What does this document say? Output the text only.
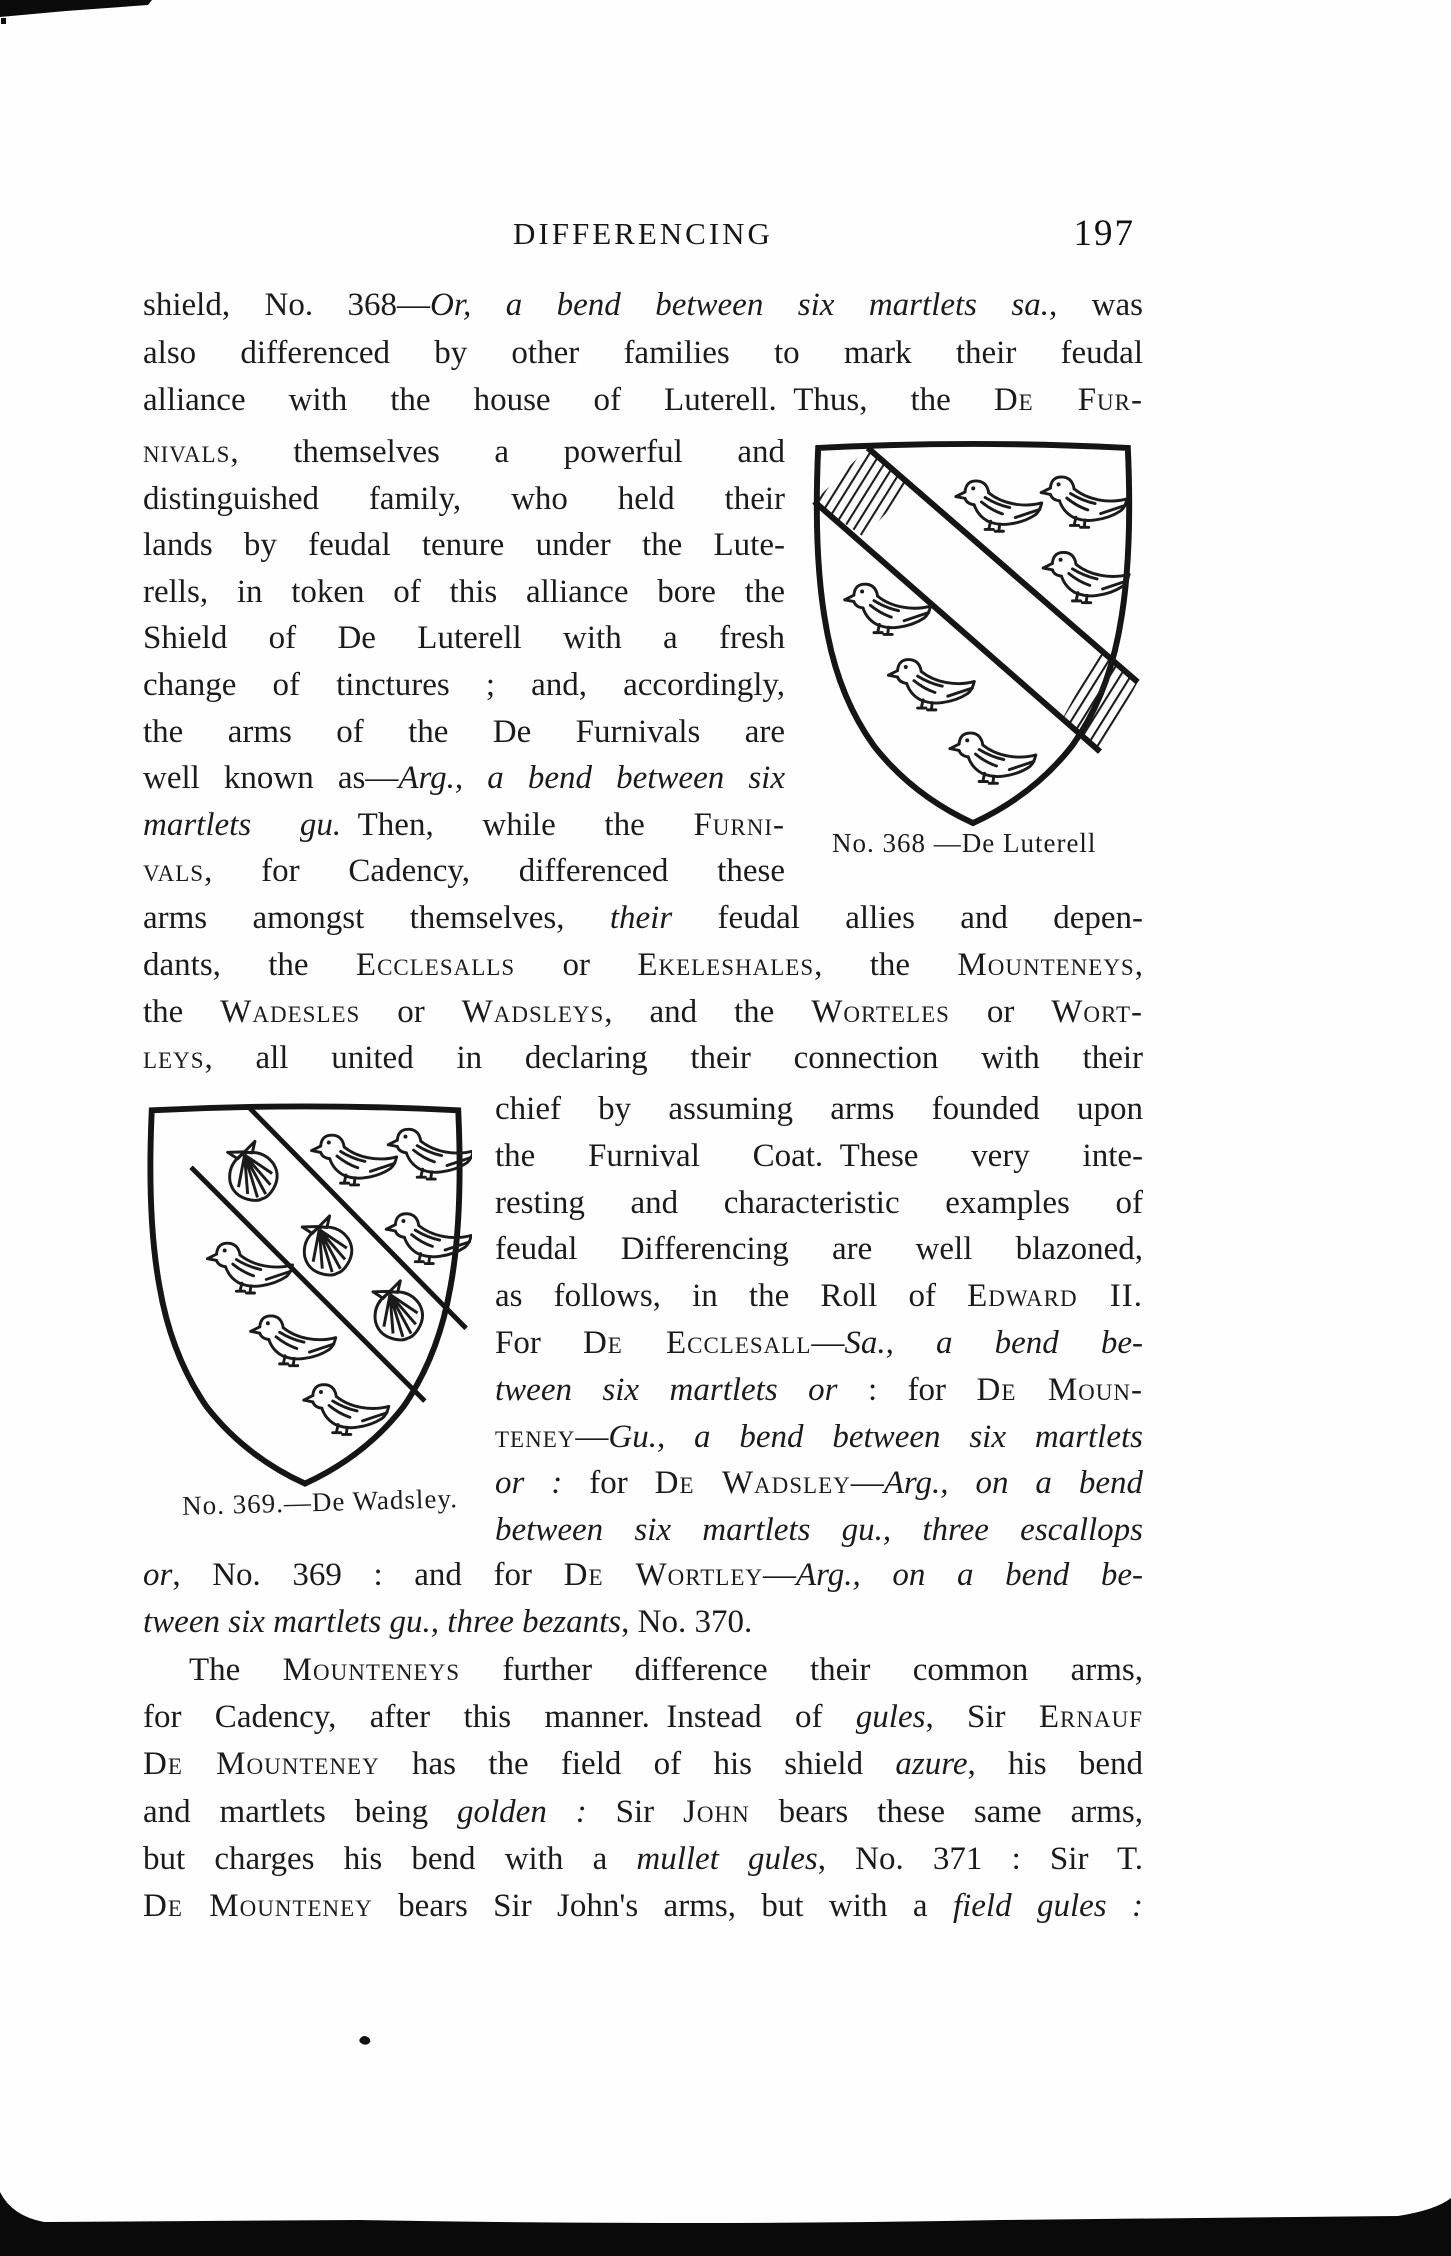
DIFFERENCING	197
No. 368 —De Luterell
No. 369.—De Wadsley.
shield, No. 368—Or, a bend between six martlets sa., was
also differenced by other families to mark their feudal
alliance with the house of Luterell. Thus, the De Fur-
nivals, themselves a powerful and
distinguished family, who held their
lands by feudal tenure under the Lute-
rells, in token of this alliance bore the
Shield of De Luterell with a fresh
change of tinctures ; and, accordingly,
the arms of the De Furnivals are
well known as—Arg., a bend between six
martlets gu. Then, while the Furni-
vals, for Cadency, differenced these
arms amongst themselves, their feudal allies and depen-
dants, the Ecclesalls or Ekeleshales, the Mounteneys,
the Wadesles or Wadsleys, and the Worteles or Wort-
leys, all united in declaring their connection with their
chief by assuming arms founded upon
the Furnival Coat. These very inte-
resting and characteristic examples of
feudal Differencing are well blazoned,
as follows, in the Roll of Edward II.
For De Ecclesall—Sa., a bend be-
tween six martlets or : for De Moun-
teney—Gu., a bend between six martlets
or : for De Wadsley—Arg., on a bend
between six martlets gu., three escallops
or, No. 369 : and for De Wortley—Arg., on a bend be-
tween six martlets gu., three bezants, No. 370.
The Mounteneys further difference their common arms,
for Cadency, after this manner. Instead of gules, Sir Ernauf
De Mounteney has the field of his shield azure, his bend
and martlets being golden : Sir John bears these same arms,
but charges his bend with a mullet gules, No. 371 : Sir T.
De Mounteney bears Sir John's arms, but with a field gules :
